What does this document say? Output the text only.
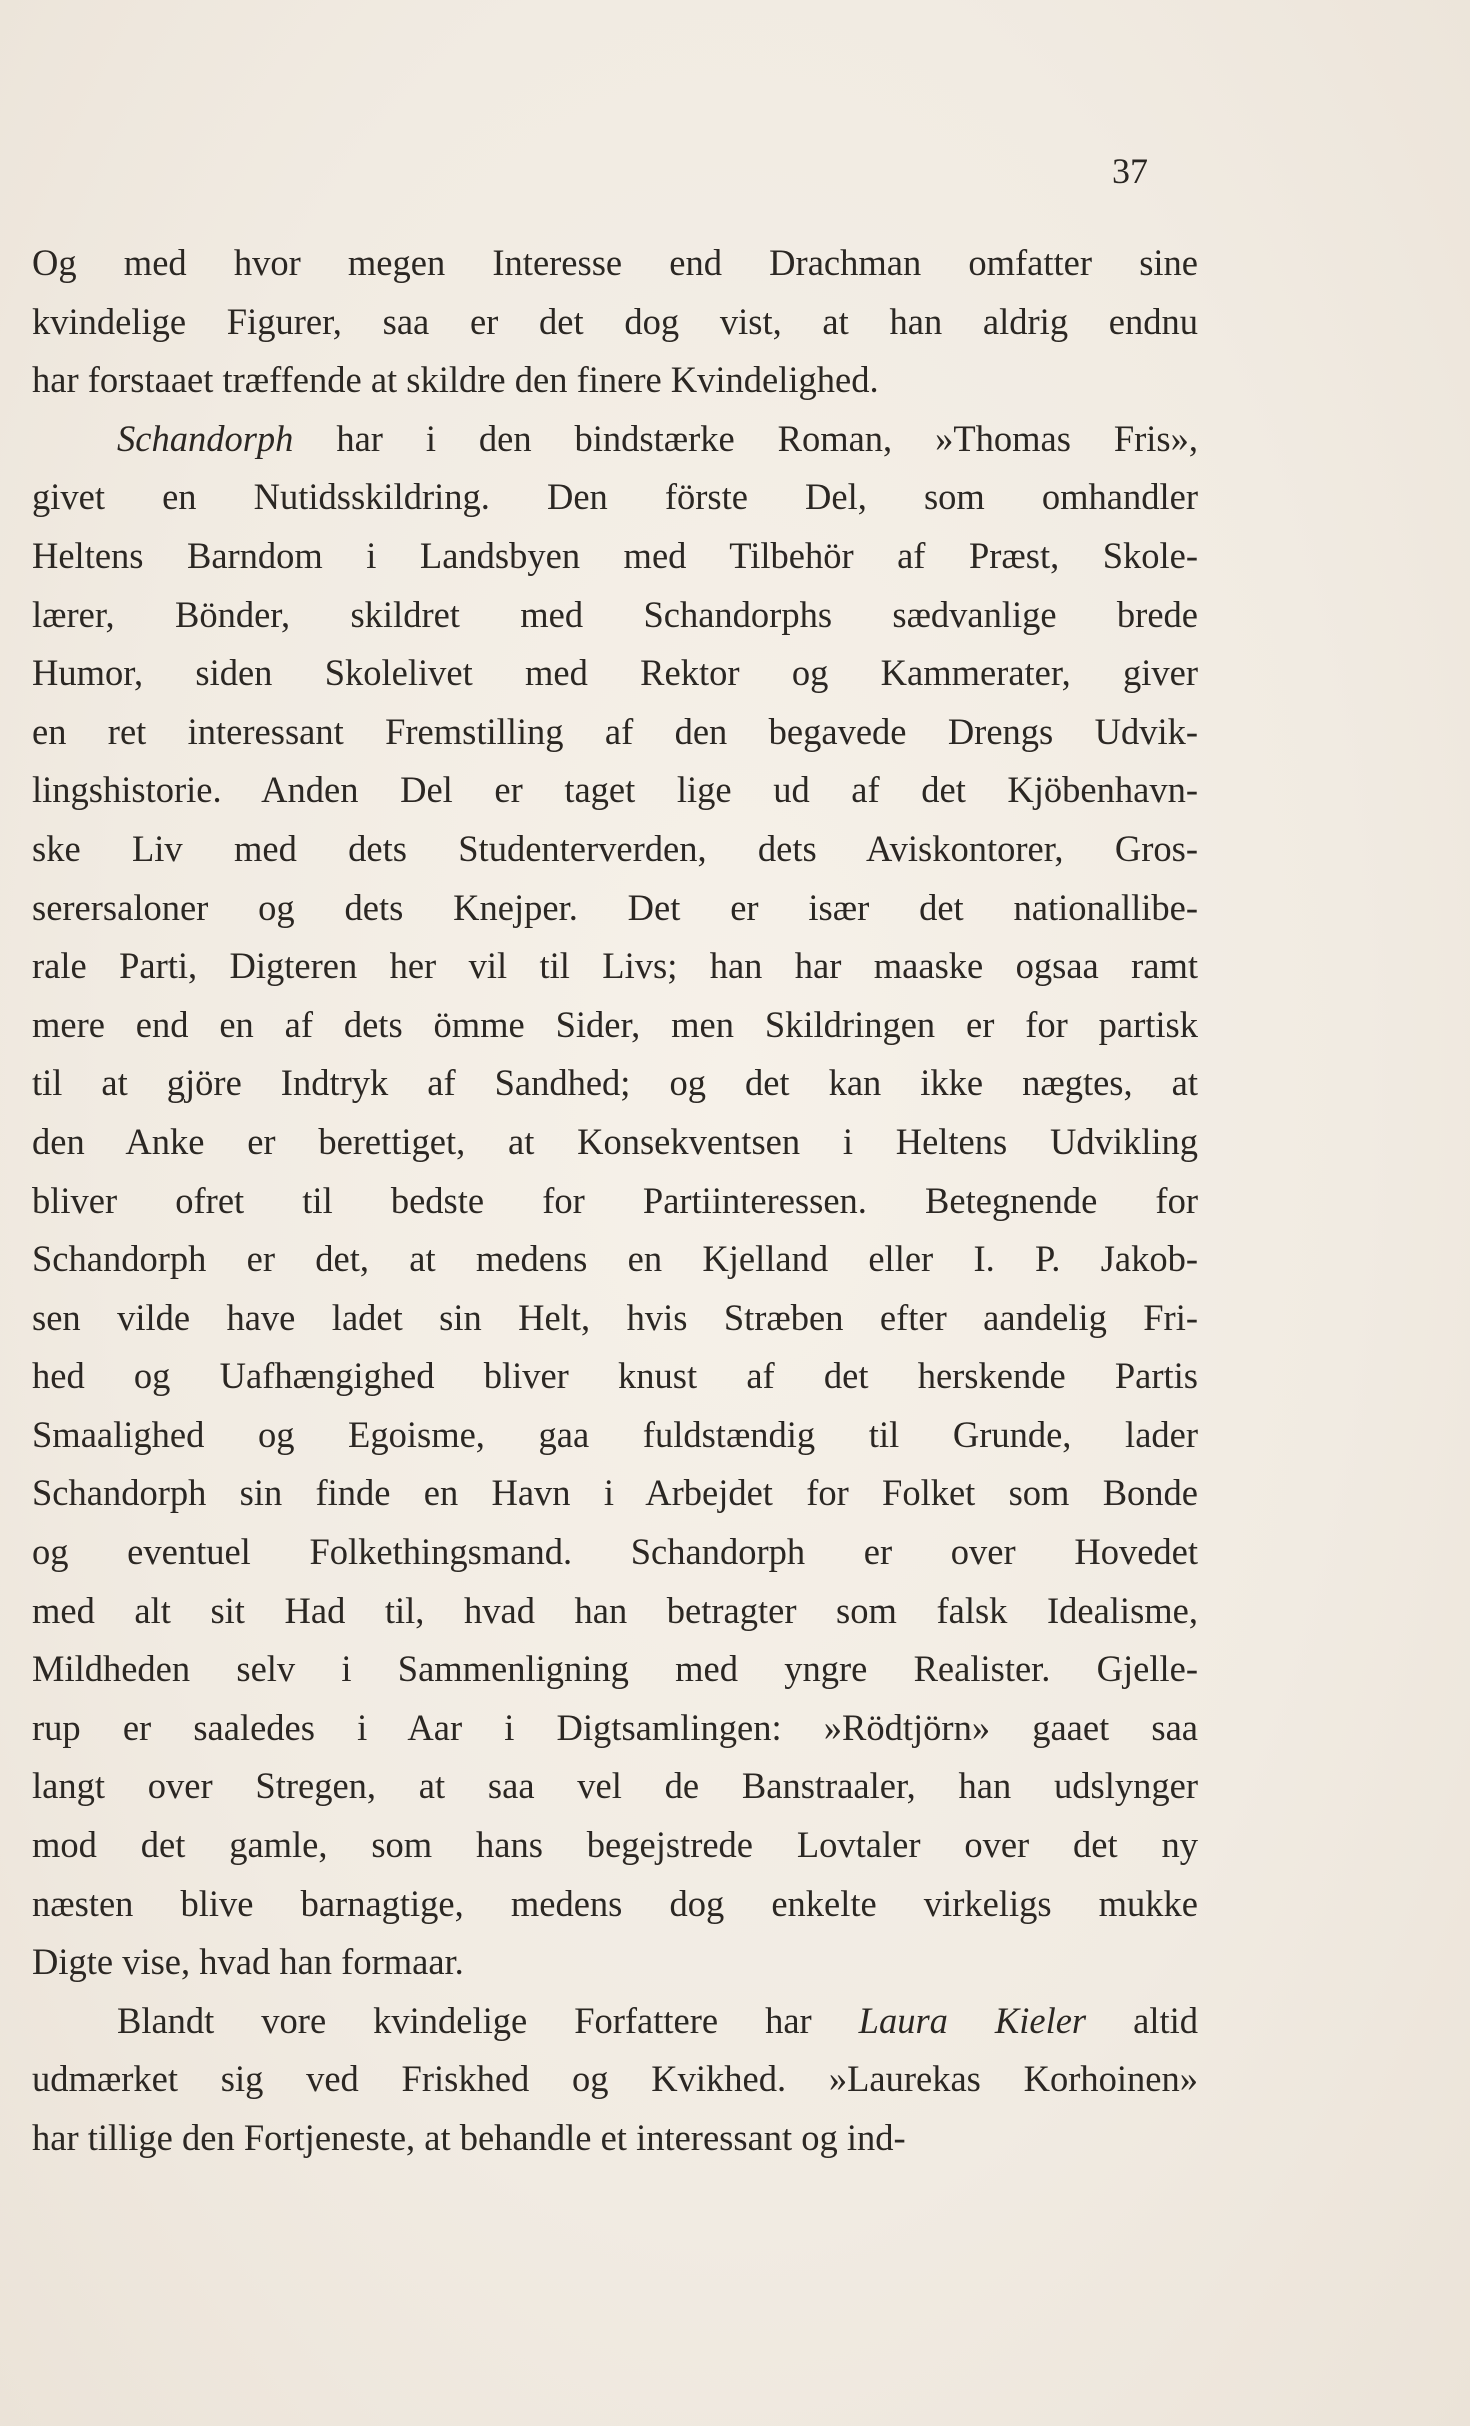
37
Og med hvor megen Interesse end Drachman omfatter sine
kvindelige Figurer, saa er det dog vist, at han aldrig endnu
har forstaaet træffende at skildre den finere Kvindelighed.
Schandorph har i den bindstærke Roman, »Thomas Fris»,
givet en Nutidsskildring. Den förste Del, som omhandler
Heltens Barndom i Landsbyen med Tilbehör af Præst, Skole-
lærer, Bönder, skildret med Schandorphs sædvanlige brede
Humor, siden Skolelivet med Rektor og Kammerater, giver
en ret interessant Fremstilling af den begavede Drengs Udvik-
lingshistorie. Anden Del er taget lige ud af det Kjöbenhavn-
ske Liv med dets Studenterverden, dets Aviskontorer, Gros-
serersaloner og dets Knejper. Det er især det nationallibe-
rale Parti, Digteren her vil til Livs; han har maaske ogsaa ramt
mere end en af dets ömme Sider, men Skildringen er for partisk
til at gjöre Indtryk af Sandhed; og det kan ikke nægtes, at
den Anke er berettiget, at Konsekventsen i Heltens Udvikling
bliver ofret til bedste for Partiinteressen. Betegnende for
Schandorph er det, at medens en Kjelland eller I. P. Jakob-
sen vilde have ladet sin Helt, hvis Stræben efter aandelig Fri-
hed og Uafhængighed bliver knust af det herskende Partis
Smaalighed og Egoisme, gaa fuldstændig til Grunde, lader
Schandorph sin finde en Havn i Arbejdet for Folket som Bonde
og eventuel Folkethingsmand. Schandorph er over Hovedet
med alt sit Had til, hvad han betragter som falsk Idealisme,
Mildheden selv i Sammenligning med yngre Realister. Gjelle-
rup er saaledes i Aar i Digtsamlingen: »Rödtjörn» gaaet saa
langt over Stregen, at saa vel de Banstraaler, han udslynger
mod det gamle, som hans begejstrede Lovtaler over det ny
næsten blive barnagtige, medens dog enkelte virkeligs mukke
Digte vise, hvad han formaar.
Blandt vore kvindelige Forfattere har Laura Kieler altid
udmærket sig ved Friskhed og Kvikhed. »Laurekas Korhoinen»
har tillige den Fortjeneste, at behandle et interessant og ind-
